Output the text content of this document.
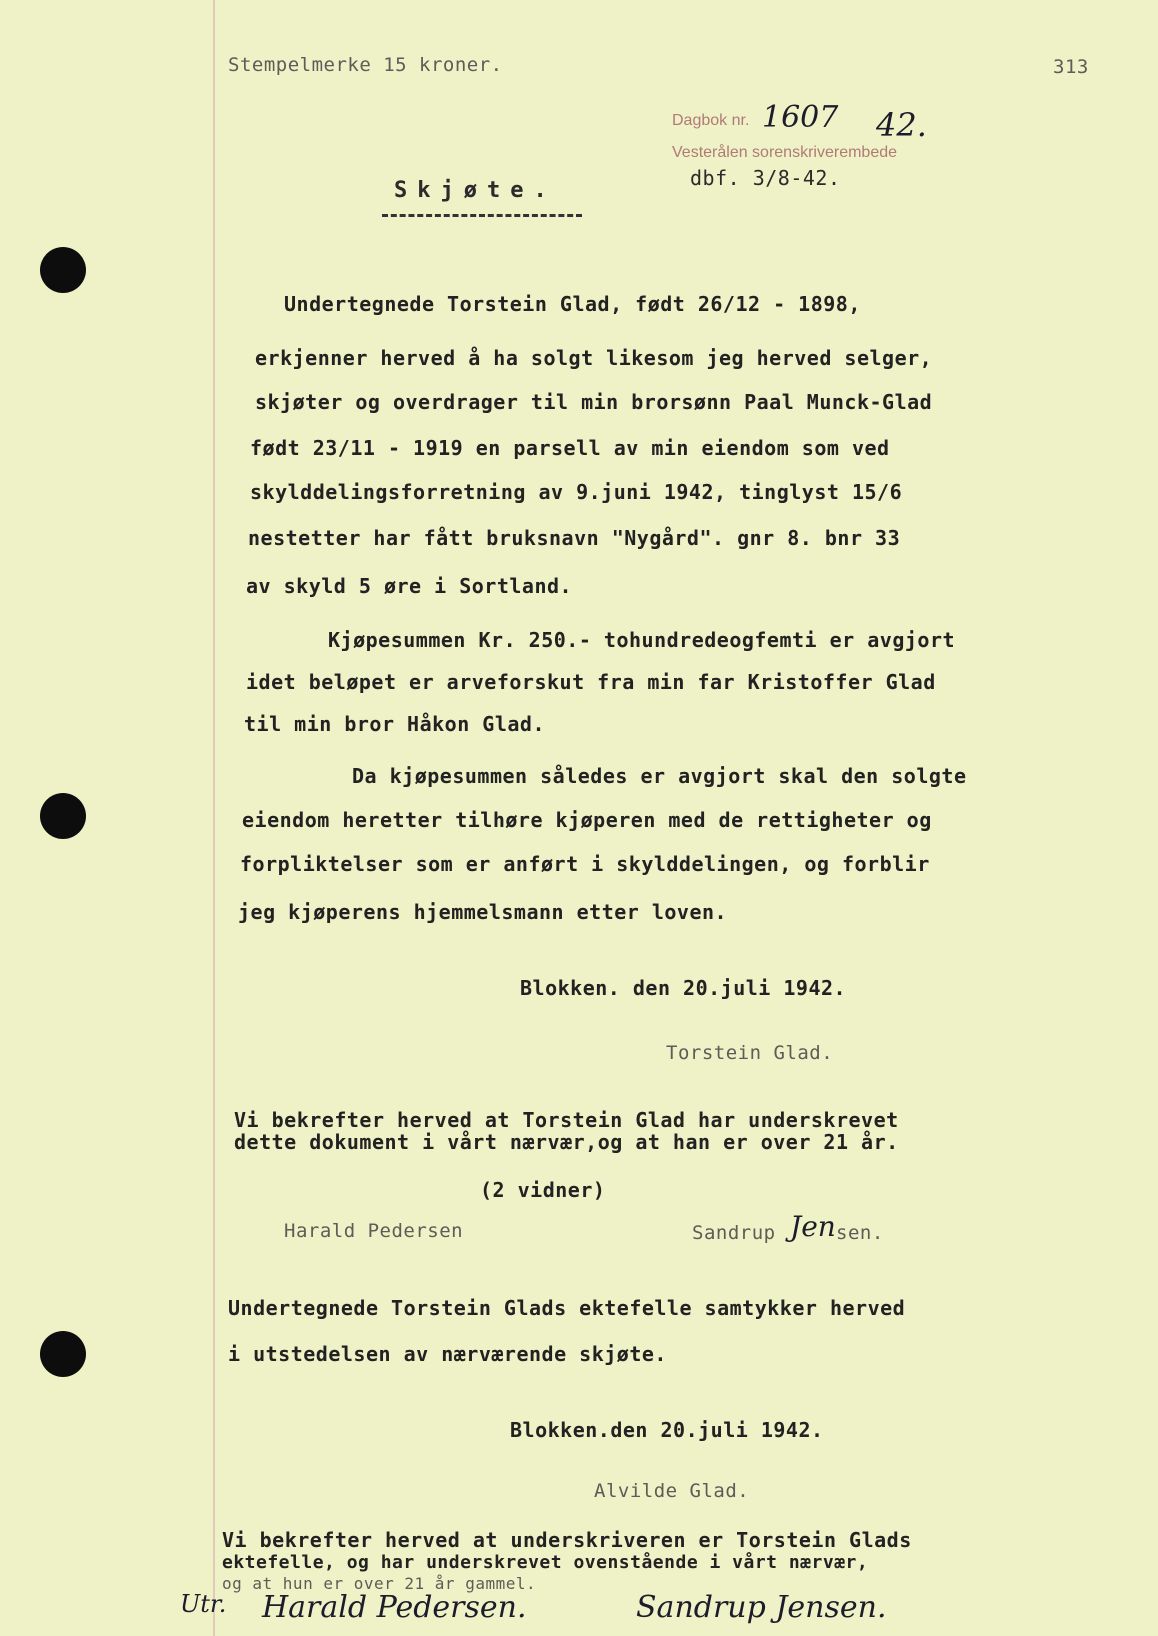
Stempelmerke 15 kroner.	313
Dagbok nr. 1607 42.
Vesterålen sorenskriverembede
dbf. 3/8-42.
Skjøte.
Undertegnede Torstein Glad, født 26/12 - 1898,
erkjenner herved å ha solgt likesom jeg herved selger,
skjøter og overdrager til min brorsønn Paal Munck-Glad
født 23/11 - 1919 en parsell av min eiendom som ved
skylddelingsforretning av 9.juni 1942, tinglyst 15/6
nestetter har fått bruksnavn "Nygård". gnr 8. bnr 33
av skyld 5 øre i Sortland.
Kjøpesummen Kr. 250.- tohundredeogfemti er avgjort
idet beløpet er arveforskut fra min far Kristoffer Glad
til min bror Håkon Glad.
Da kjøpesummen således er avgjort skal den solgte
eiendom heretter tilhøre kjøperen med de rettigheter og
forpliktelser som er anført i skylddelingen, og forblir
jeg kjøperens hjemmelsmann etter loven.
Blokken. den 20.juli 1942.
Torstein Glad.
Vi bekrefter herved at Torstein Glad har underskrevet
dette dokument i vårt nærvær,og at han er over 21 år.
(2 vidner)
Harald Pedersen	Sandrup Jen sen.
Undertegnede Torstein Glads ektefelle samtykker herved
i utstedelsen av nærværende skjøte.
Blokken.den 20.juli 1942.
Alvilde Glad.
Vi bekrefter herved at underskriveren er Torstein Glads
ektefelle, og har underskrevet ovenstående i vårt nærvær,
og at hun er over 21 år gammel.
Utr. Harald Pedersen.	Sandrup Jensen.
